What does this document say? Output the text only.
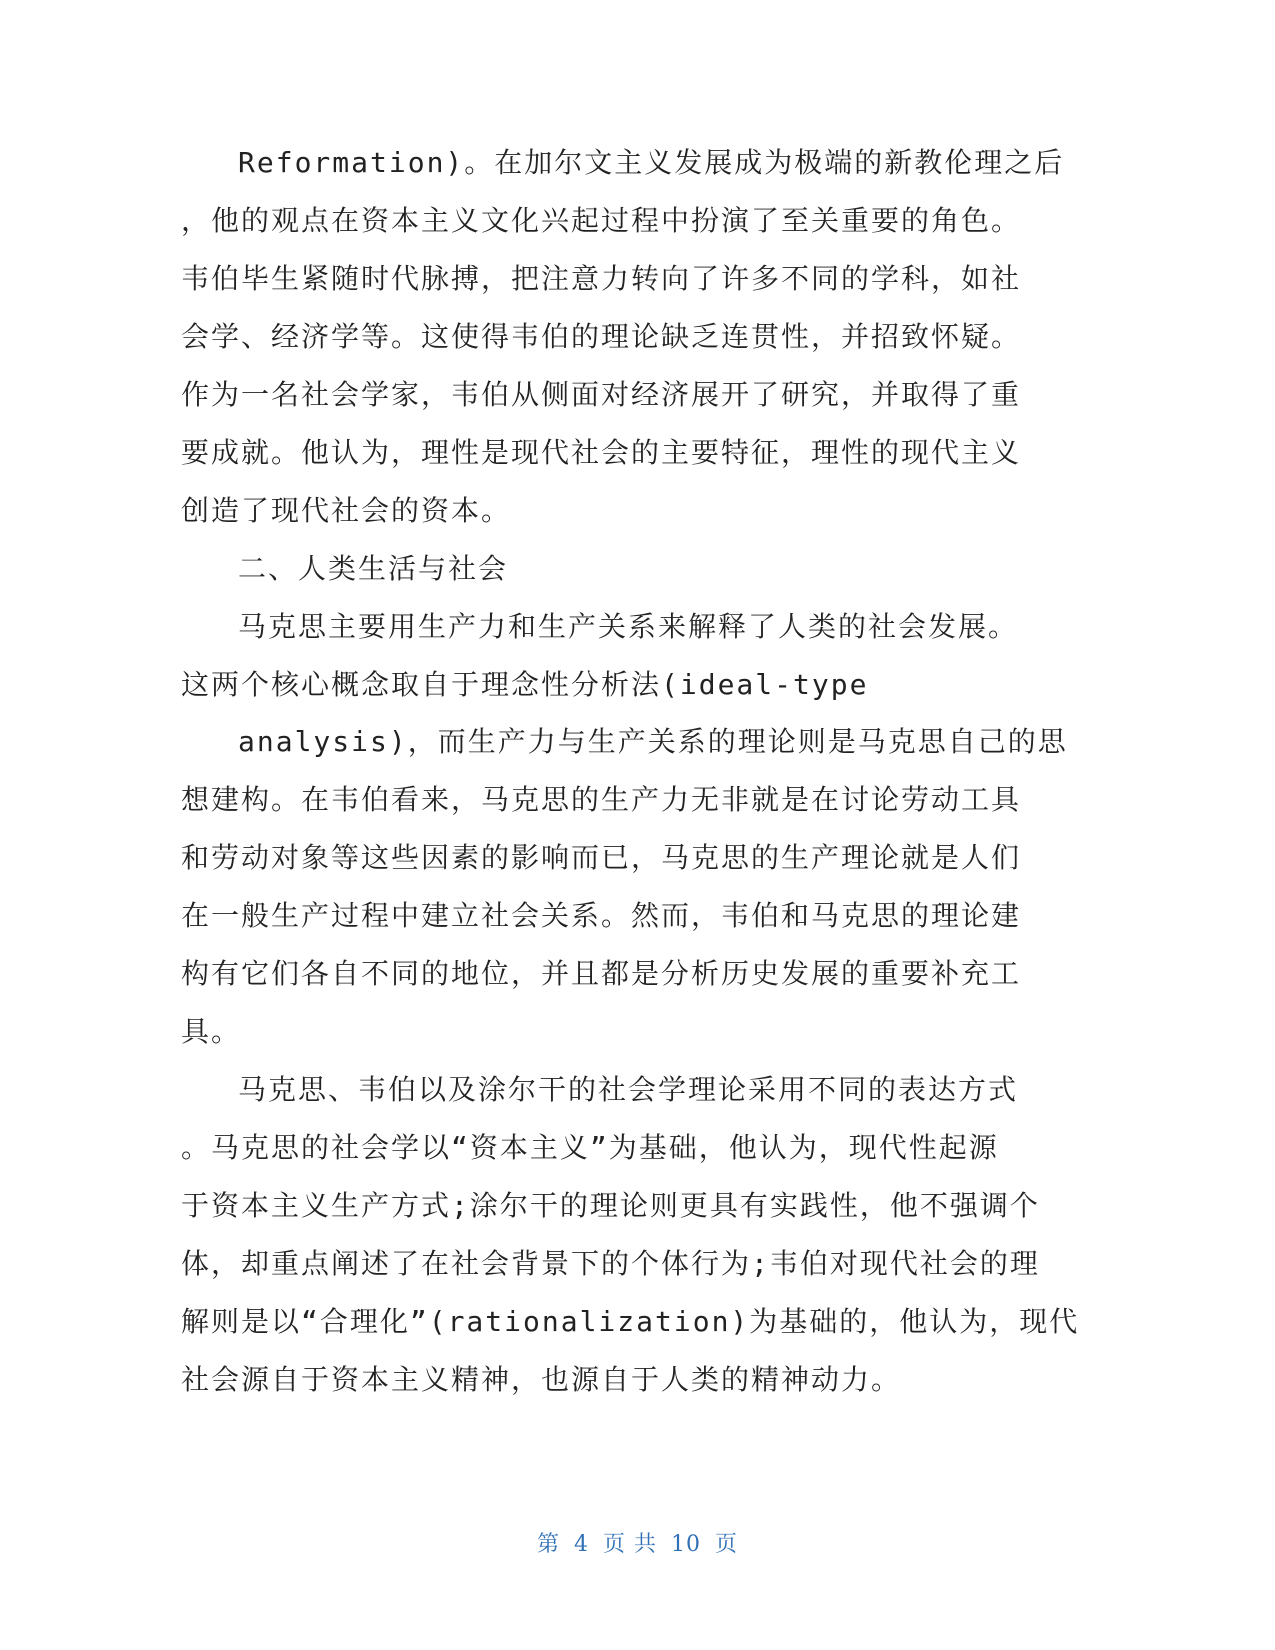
Reformation)。在加尔文主义发展成为极端的新教伦理之后
，他的观点在资本主义文化兴起过程中扮演了至关重要的角色。
韦伯毕生紧随时代脉搏，把注意力转向了许多不同的学科，如社
会学、经济学等。这使得韦伯的理论缺乏连贯性，并招致怀疑。
作为一名社会学家，韦伯从侧面对经济展开了研究，并取得了重
要成就。他认为，理性是现代社会的主要特征，理性的现代主义
创造了现代社会的资本。
二、人类生活与社会
马克思主要用生产力和生产关系来解释了人类的社会发展。
这两个核心概念取自于理念性分析法(ideal-type
analysis)，而生产力与生产关系的理论则是马克思自己的思
想建构。在韦伯看来，马克思的生产力无非就是在讨论劳动工具
和劳动对象等这些因素的影响而已，马克思的生产理论就是人们
在一般生产过程中建立社会关系。然而，韦伯和马克思的理论建
构有它们各自不同的地位，并且都是分析历史发展的重要补充工
具。
马克思、韦伯以及涂尔干的社会学理论采用不同的表达方式
。马克思的社会学以“资本主义”为基础，他认为，现代性起源
于资本主义生产方式;涂尔干的理论则更具有实践性，他不强调个
体，却重点阐述了在社会背景下的个体行为;韦伯对现代社会的理
解则是以“合理化”(rationalization)为基础的，他认为，现代
社会源自于资本主义精神，也源自于人类的精神动力。
第 4 页 共 10 页
